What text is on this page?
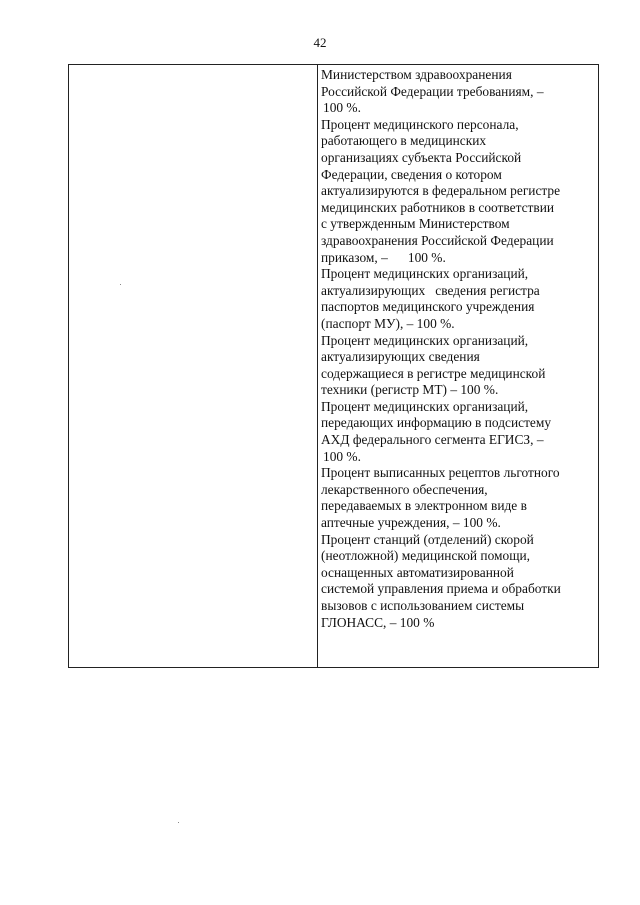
42

Министерством здравоохранения
Российской Федерации требованиям, –
100 %.

Процент медицинского персонала,
работающего в медицинских
организациях субъекта Российской
Федерации, сведения о котором
актуализируются в федеральном регистре
медицинских работников в соответствии
с утвержденным Министерством
здравоохранения Российской Федерации
приказом, –      100 %.

Процент медицинских организаций,
актуализирующих   сведения регистра
паспортов медицинского учреждения
(паспорт МУ), – 100 %.

Процент медицинских организаций,
актуализирующих сведения
содержащиеся в регистре медицинской
техники (регистр МТ) – 100 %.

Процент медицинских организаций,
передающих информацию в подсистему
АХД федерального сегмента ЕГИСЗ, –
100 %.

Процент выписанных рецептов льготного
лекарственного обеспечения,
передаваемых в электронном виде в
аптечные учреждения, – 100 %.

Процент станций (отделений) скорой
(неотложной) медицинской помощи,
оснащенных автоматизированной
системой управления приема и обработки
вызовов с использованием системы
ГЛОНАСС, – 100 %
